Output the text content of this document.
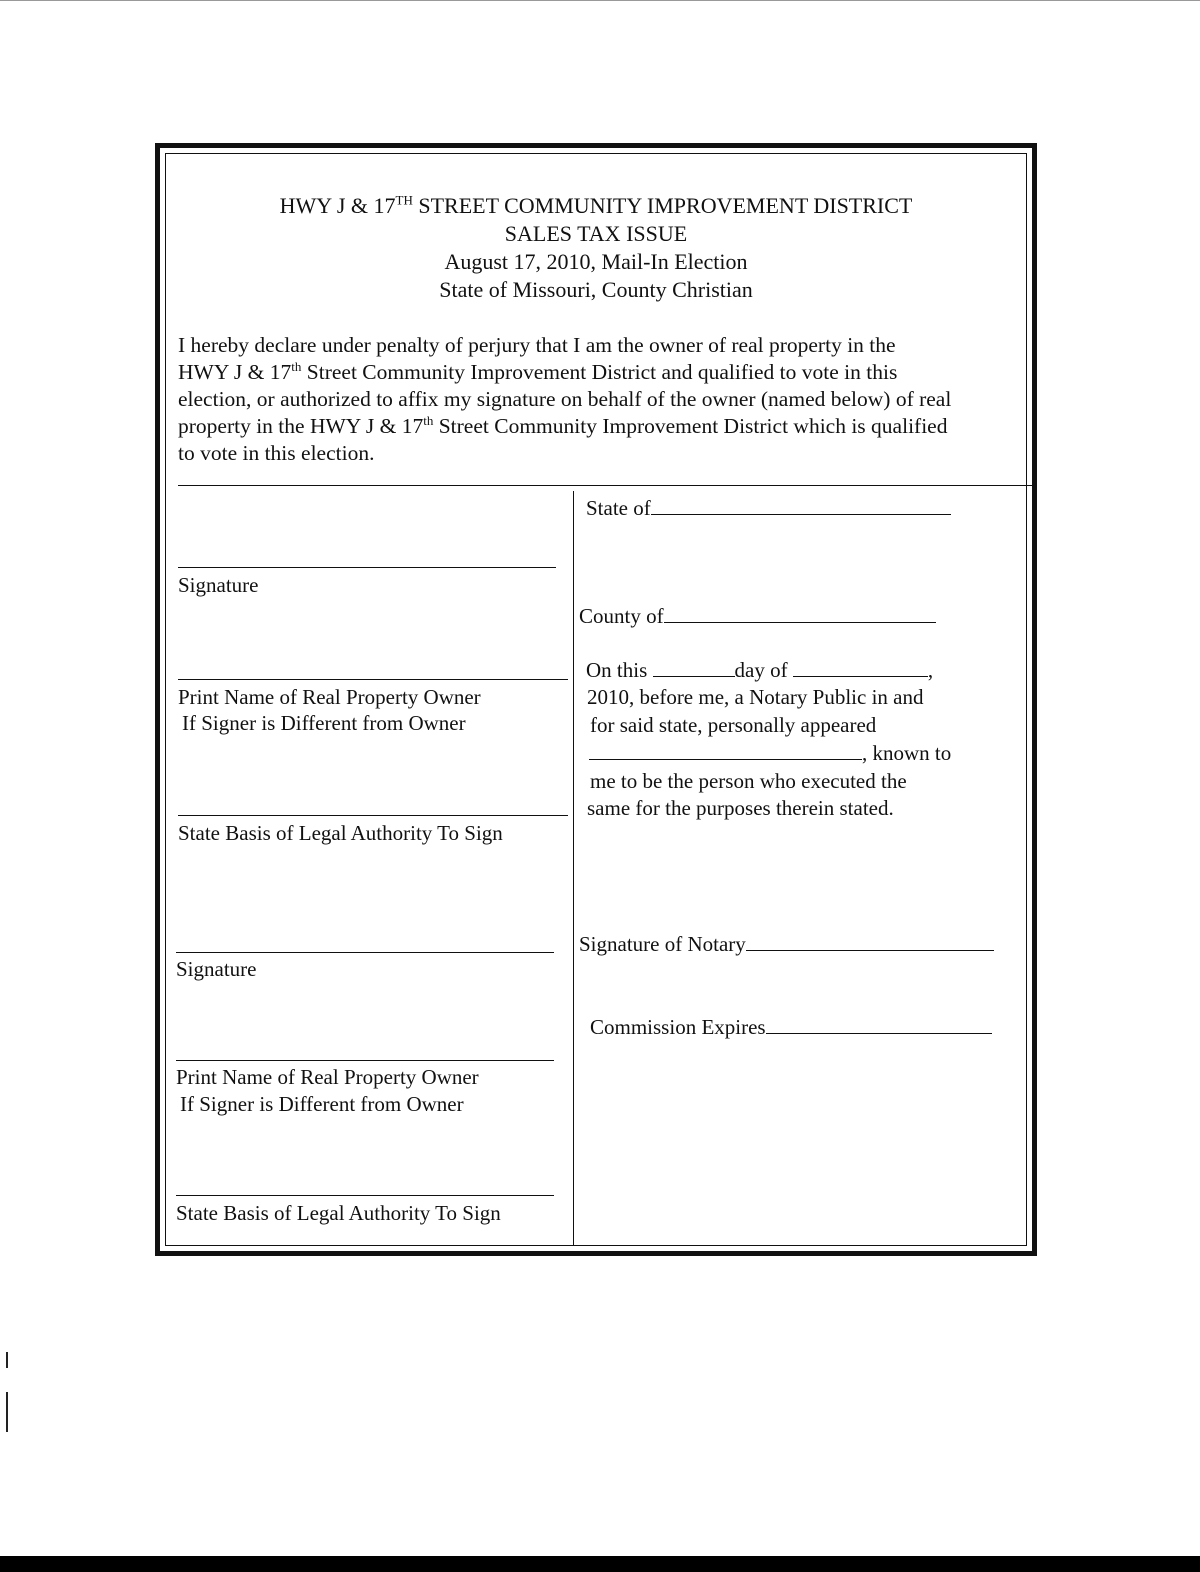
HWY J & 17TH STREET COMMUNITY IMPROVEMENT DISTRICT
SALES TAX ISSUE
August 17, 2010, Mail-In Election
State of Missouri, County Christian
I hereby declare under penalty of perjury that I am the owner of real property in the
HWY J & 17th Street Community Improvement District and qualified to vote in this
election, or authorized to affix my signature on behalf of the owner (named below) of real
property in the HWY J & 17th Street Community Improvement District which is qualified
to vote in this election.
Signature
Print Name of Real Property Owner
If Signer is Different from Owner
State Basis of Legal Authority To Sign
Signature
Print Name of Real Property Owner
If Signer is Different from Owner
State Basis of Legal Authority To Sign
State of
County of
On this	day of	,
2010, before me, a Notary Public in and
for said state, personally appeared
, known to
me to be the person who executed the
same for the purposes therein stated.
Signature of Notary
Commission Expires
